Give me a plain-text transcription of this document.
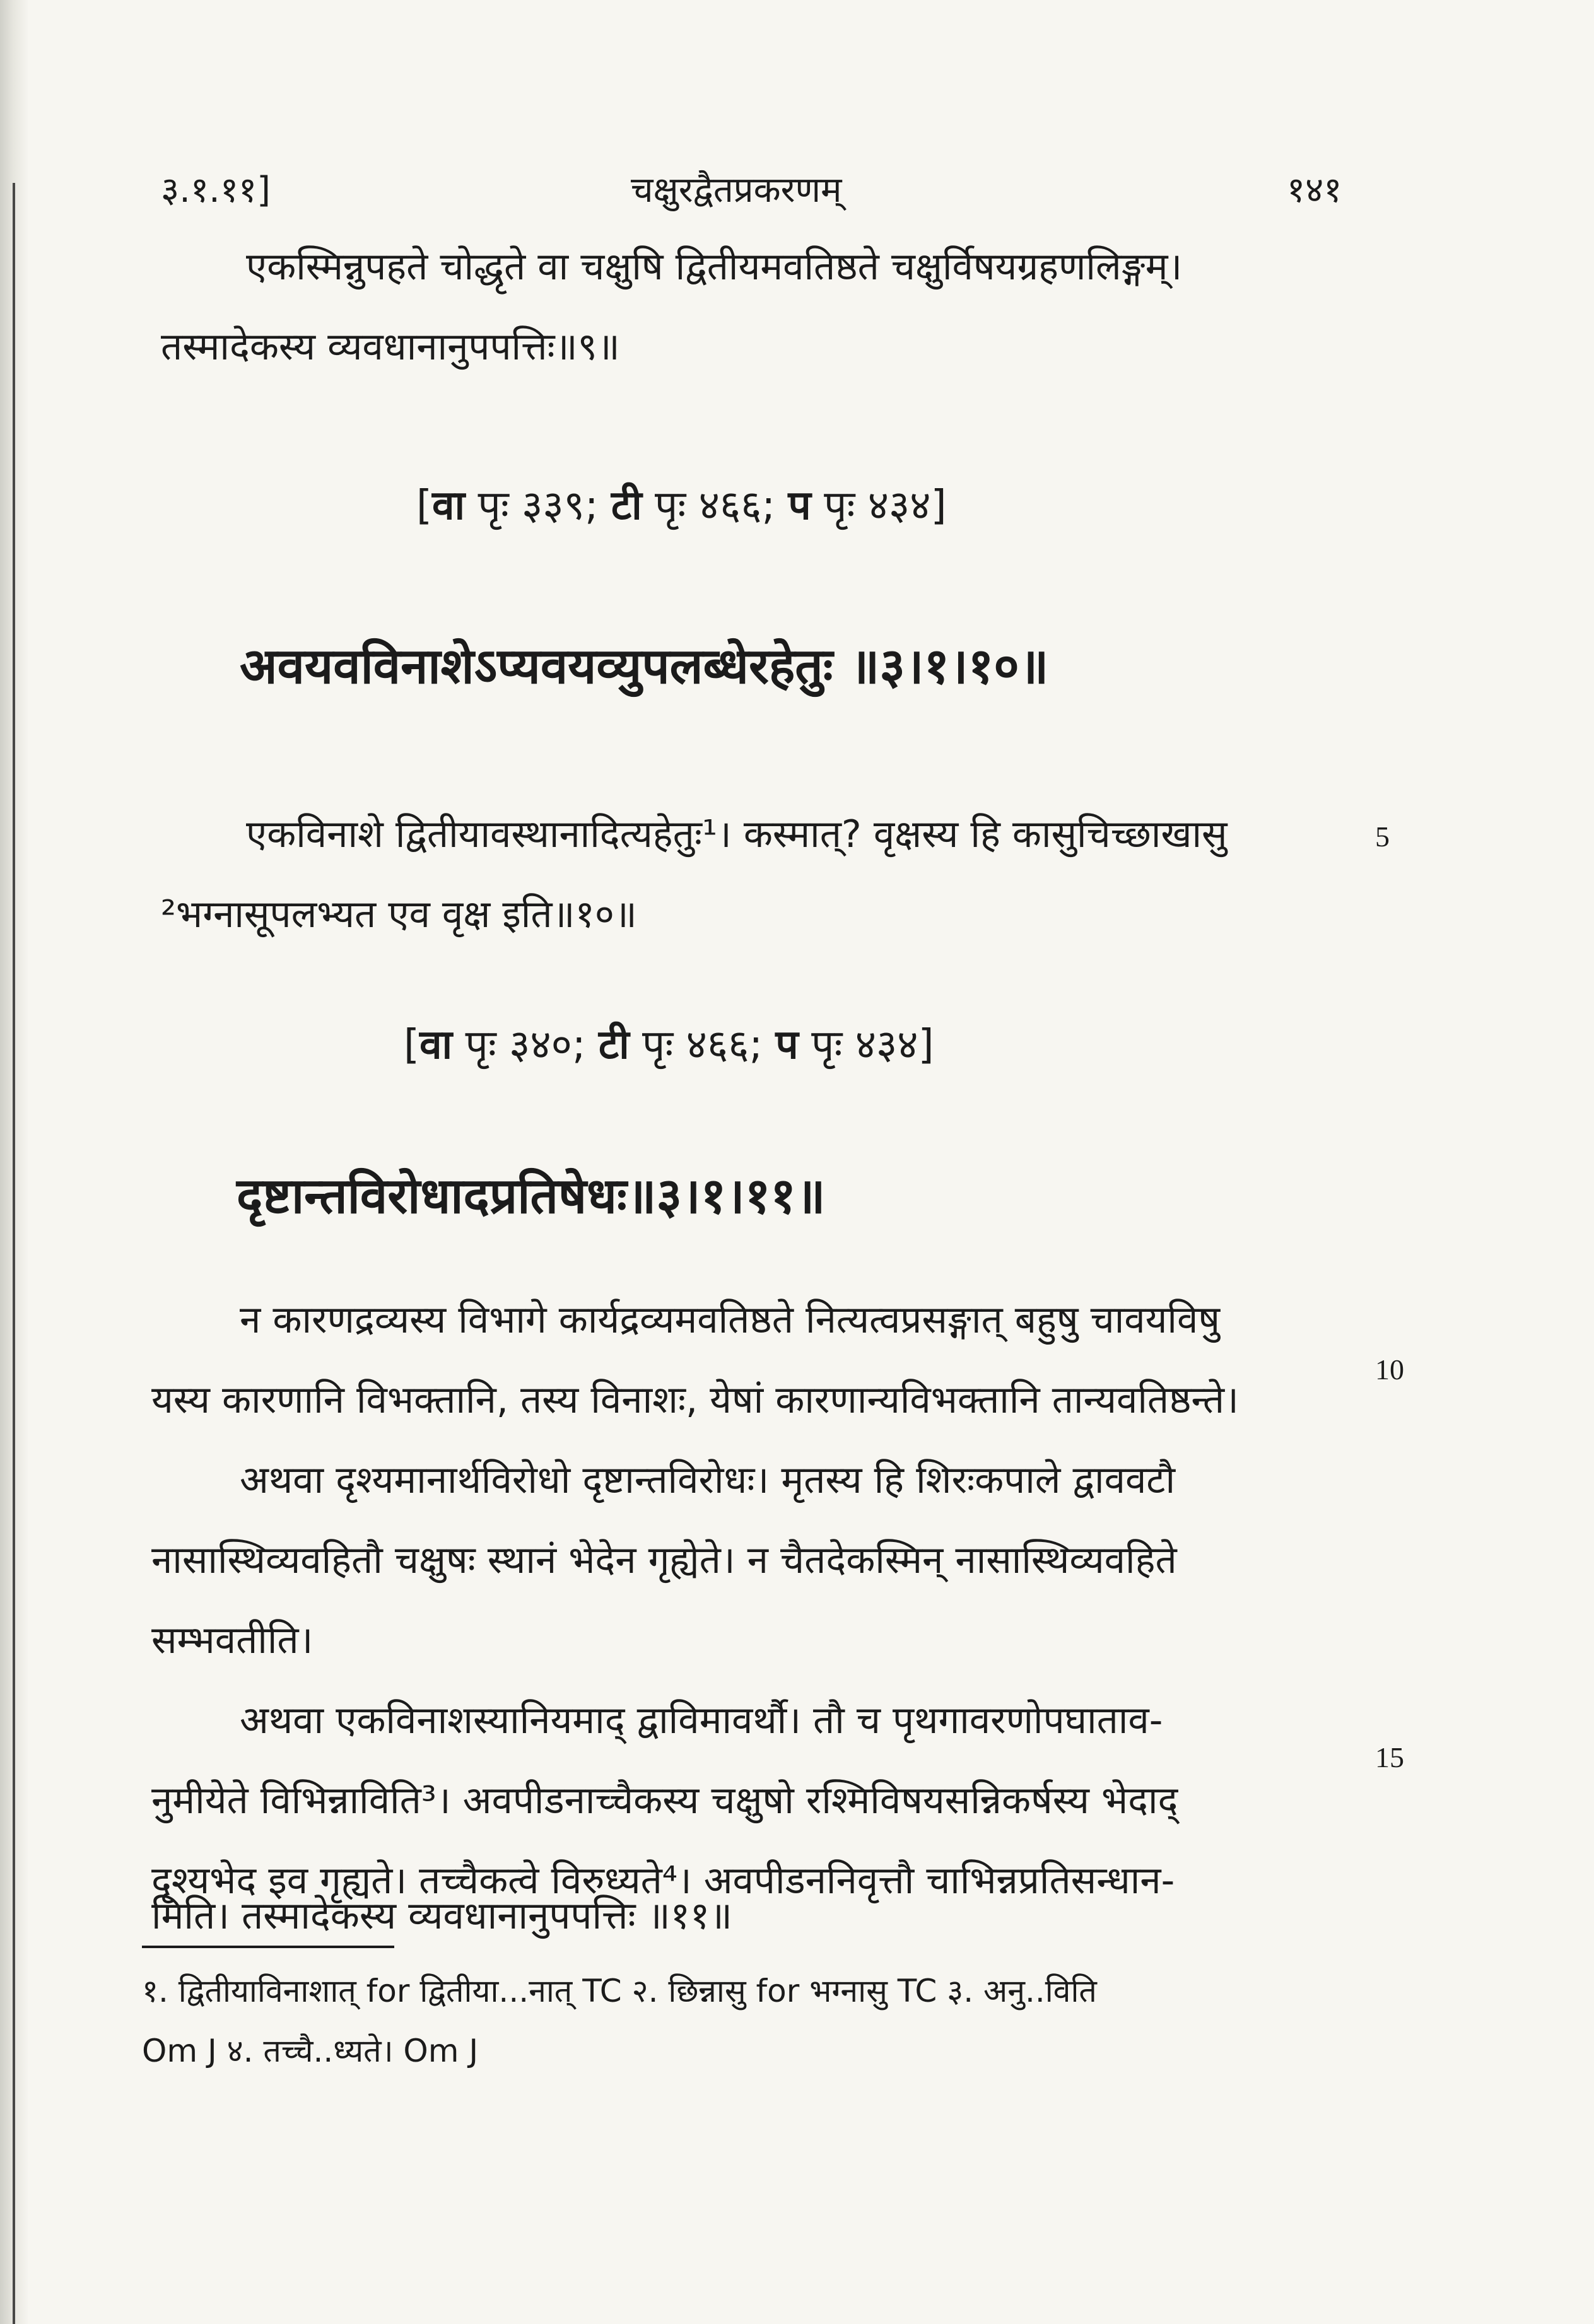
३.१.११]	चक्षुरद्वैतप्रकरणम्	१४१
एकस्मिन्नुपहते चोद्धृते वा चक्षुषि द्वितीयमवतिष्ठते चक्षुर्विषयग्रहणलिङ्गम्।
तस्मादेकस्य व्यवधानानुपपत्तिः॥९॥
[वा पृः ३३९; टी पृः ४६६; प पृः ४३४]
अवयवविनाशेऽप्यवयव्युपलब्धेरहेतुः ॥३।१।१०॥
एकविनाशे द्वितीयावस्थानादित्यहेतुः¹। कस्मात्? वृक्षस्य हि कासुचिच्छाखासु	5
²भग्नासूपलभ्यत एव वृक्ष इति॥१०॥
[वा पृः ३४०; टी पृः ४६६; प पृः ४३४]
दृष्टान्तविरोधादप्रतिषेधः॥३।१।११॥
न कारणद्रव्यस्य विभागे कार्यद्रव्यमवतिष्ठते नित्यत्वप्रसङ्गात् बहुषु चावयविषु
10
यस्य कारणानि विभक्तानि, तस्य विनाशः, येषां कारणान्यविभक्तानि तान्यवतिष्ठन्ते।
अथवा दृश्यमानार्थविरोधो दृष्टान्तविरोधः। मृतस्य हि शिरःकपाले द्वाववटौ
नासास्थिव्यवहितौ चक्षुषः स्थानं भेदेन गृह्येते। न चैतदेकस्मिन् नासास्थिव्यवहिते
सम्भवतीति।
अथवा एकविनाशस्यानियमाद् द्वाविमावर्थौ। तौ च पृथगावरणोपघाताव-
15
नुमीयेते विभिन्नाविति³। अवपीडनाच्चैकस्य चक्षुषो रश्मिविषयसन्निकर्षस्य भेदाद्
दृश्यभेद इव गृह्यते। तच्चैकत्वे विरुध्यते⁴। अवपीडननिवृत्तौ चाभिन्नप्रतिसन्धान-
मिति। तस्मादेकस्य व्यवधानानुपपत्तिः ॥११॥
१. द्वितीयाविनाशात् for द्वितीया...नात् TC २. छिन्नासु for भग्नासु TC ३. अनु..विति
Om J ४. तच्चै..ध्यते। Om J
